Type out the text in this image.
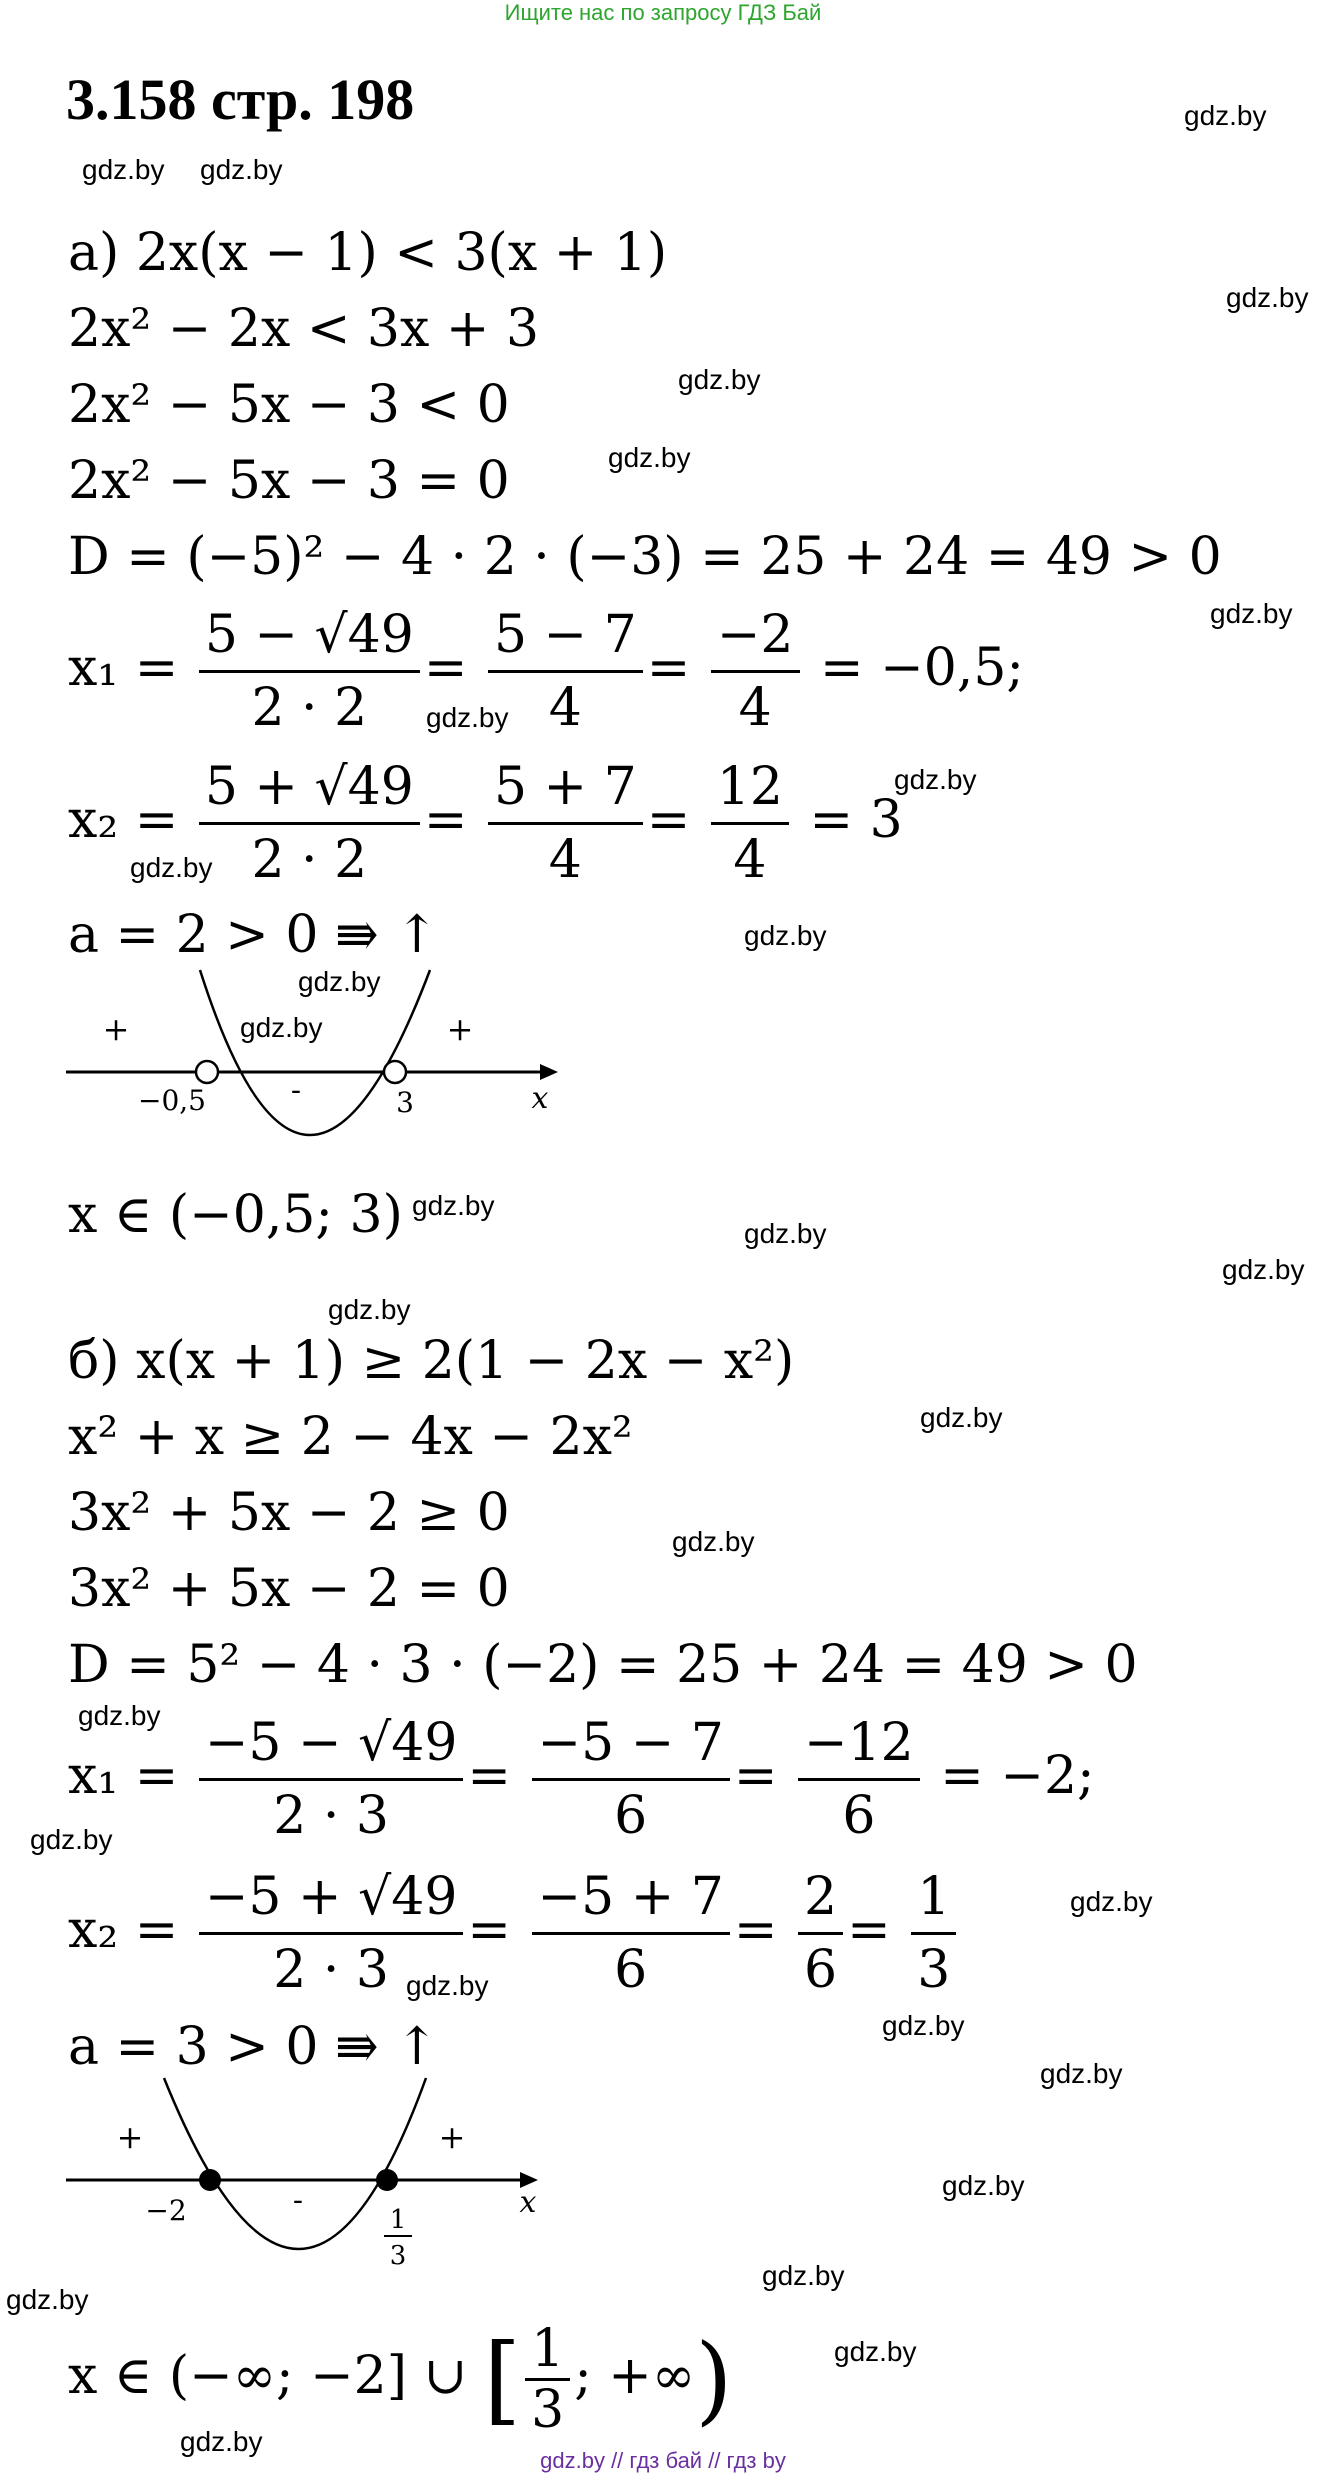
Ищите нас по запросу ГДЗ Бай
3.158 стр. 198	gdz.by
gdz.by gdz.by
gdz.by
gdz.by
gdz.by
gdz.by
gdz.by
gdz.by
gdz.by
gdz.by
gdz.by
gdz.by
gdz.by
gdz.by
gdz.by
gdz.by
gdz.by
gdz.by
gdz.by
gdz.by
gdz.by
gdz.by
gdz.by
gdz.by
gdz.by
gdz.by
gdz.by
gdz.by
gdz.by
а) 2x(x − 1) < 3(x + 1)
2x² − 2x < 3x + 3
2x² − 5x − 3 < 0
2x² − 5x − 3 = 0
D = (−5)² − 4 · 2 · (−3) = 25 + 24 = 49 > 0
$x_1 = \frac{5 - √49}{2 \cdot 2} = \frac{5 - 7}{4} = \frac{-2}{4} = -0,5$;
$x_2 = \frac{5 + √49}{2 \cdot 2} = \frac{5 + 7}{4} = \frac{12}{4} = 3$
a = 2 > 0 ⇛ ↑
+
-
+
−0,5	3	x
x ∈ (−0,5; 3)
б) x(x + 1) ≥ 2(1 − 2x − x²)
x² + x ≥ 2 − 4x − 2x²
3x² + 5x − 2 ≥ 0
3x² + 5x − 2 = 0
D = 5² − 4 · 3 · (−2) = 25 + 24 = 49 > 0
$x_1 = \frac{-5 - √49}{2 \cdot 3} = \frac{-5 - 7}{6} = \frac{-12}{6} = -2$;
$x_2 = \frac{-5 + √49}{2 \cdot 3} = \frac{-5 + 7}{6} = \frac{2}{6} = \frac{1}{3}$
a = 3 > 0 ⇛ ↑
+
-
+
−2	1
3
x
x ∈ (−∞; −2] ∪ [ $\frac{1}{3}$ ; +∞)
gdz.by // гдз бай // гдз by
